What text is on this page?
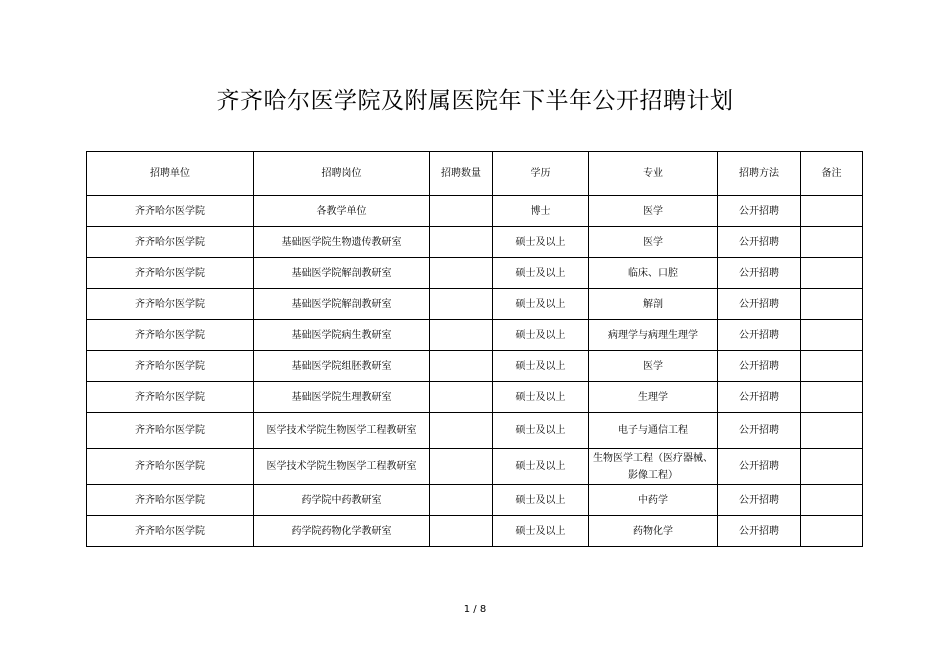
齐齐哈尔医学院及附属医院年下半年公开招聘计划
招聘单位	招聘岗位	招聘数量	学历	专业	招聘方法	备注
齐齐哈尔医学院	各教学单位		博士	医学	公开招聘	
齐齐哈尔医学院	基础医学院生物遗传教研室		硕士及以上	医学	公开招聘	
齐齐哈尔医学院	基础医学院解剖教研室		硕士及以上	临床、口腔	公开招聘	
齐齐哈尔医学院	基础医学院解剖教研室		硕士及以上	解剖	公开招聘	
齐齐哈尔医学院	基础医学院病生教研室		硕士及以上	病理学与病理生理学	公开招聘	
齐齐哈尔医学院	基础医学院组胚教研室		硕士及以上	医学	公开招聘	
齐齐哈尔医学院	基础医学院生理教研室		硕士及以上	生理学	公开招聘	
齐齐哈尔医学院	医学技术学院生物医学工程教研室		硕士及以上	电子与通信工程	公开招聘	
齐齐哈尔医学院	医学技术学院生物医学工程教研室		硕士及以上	生物医学工程（医疗器械、影像工程）	公开招聘	
齐齐哈尔医学院	药学院中药教研室		硕士及以上	中药学	公开招聘	
齐齐哈尔医学院	药学院药物化学教研室		硕士及以上	药物化学	公开招聘	
1 / 8
